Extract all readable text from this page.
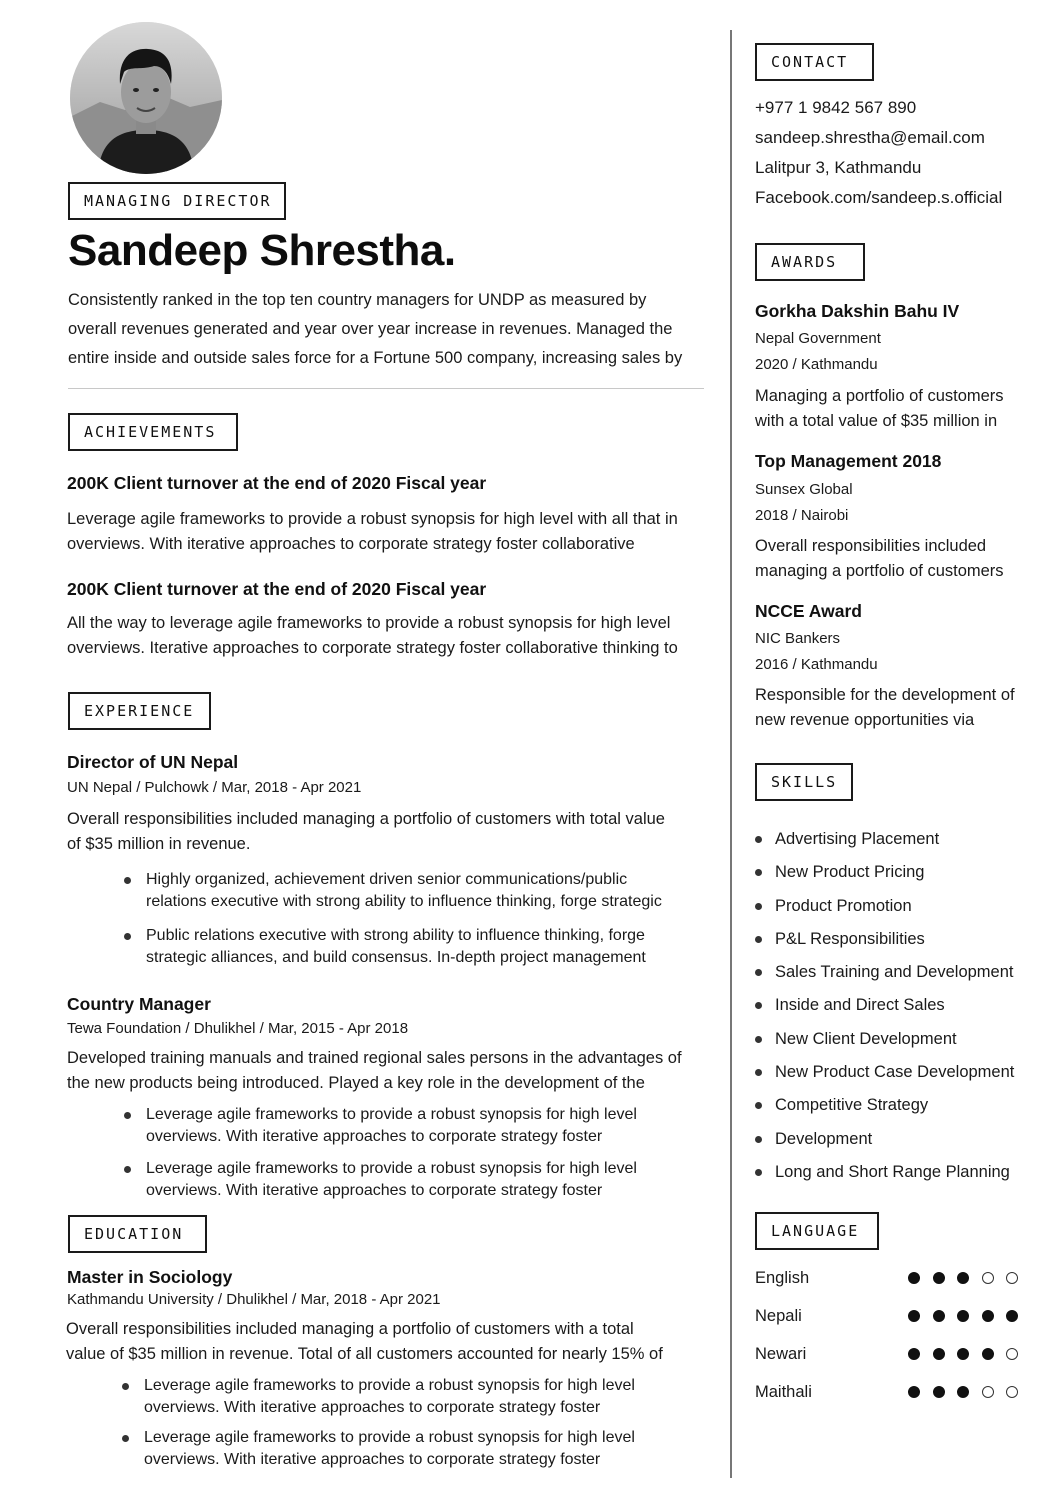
MANAGING DIRECTOR
Sandeep Shrestha.
Consistently ranked in the top ten country managers for UNDP as measured by
overall revenues generated and year over year increase in revenues. Managed the
entire inside and outside sales force for a Fortune 500 company, increasing sales by
ACHIEVEMENTS
200K Client turnover at the end of 2020 Fiscal year
Leverage agile frameworks to provide a robust synopsis for high level with all that in
overviews. With iterative approaches to corporate strategy foster collaborative
200K Client turnover at the end of 2020 Fiscal year
All the way to leverage agile frameworks to provide a robust synopsis for high level
overviews. Iterative approaches to corporate strategy foster collaborative thinking to
EXPERIENCE
Director of UN Nepal
UN Nepal / Pulchowk / Mar, 2018 - Apr 2021
Overall responsibilities included managing a portfolio of customers with total value
of $35 million in revenue.
Highly organized, achievement driven senior communications/public
relations executive with strong ability to influence thinking, forge strategic
Public relations executive with strong ability to influence thinking, forge
strategic alliances, and build consensus. In-depth project management
Country Manager
Tewa Foundation / Dhulikhel / Mar, 2015 - Apr 2018
Developed training manuals and trained regional sales persons in the advantages of
the new products being introduced. Played a key role in the development of the
Leverage agile frameworks to provide a robust synopsis for high level
overviews. With iterative approaches to corporate strategy foster
Leverage agile frameworks to provide a robust synopsis for high level
overviews. With iterative approaches to corporate strategy foster
EDUCATION
Master in Sociology
Kathmandu University / Dhulikhel / Mar, 2018 - Apr 2021
Overall responsibilities included managing a portfolio of customers with a total
value of $35 million in revenue. Total of all customers accounted for nearly 15% of
Leverage agile frameworks to provide a robust synopsis for high level
overviews. With iterative approaches to corporate strategy foster
Leverage agile frameworks to provide a robust synopsis for high level
overviews. With iterative approaches to corporate strategy foster
CONTACT
+977 1 9842 567 890
sandeep.shrestha@email.com
Lalitpur 3, Kathmandu
Facebook.com/sandeep.s.official
AWARDS
Gorkha Dakshin Bahu IV
Nepal Government
2020 / Kathmandu
Managing a portfolio of customers
with a total value of $35 million in
Top Management 2018
Sunsex Global
2018 / Nairobi
Overall responsibilities included
managing a portfolio of customers
NCCE Award
NIC Bankers
2016 / Kathmandu
Responsible for the development of
new revenue opportunities via
SKILLS
Advertising Placement
New Product Pricing
Product Promotion
P&L Responsibilities
Sales Training and Development
Inside and Direct Sales
New Client Development
New Product Case Development
Competitive Strategy
Development
Long and Short Range Planning
LANGUAGE
English
Nepali
Newari
Maithali
